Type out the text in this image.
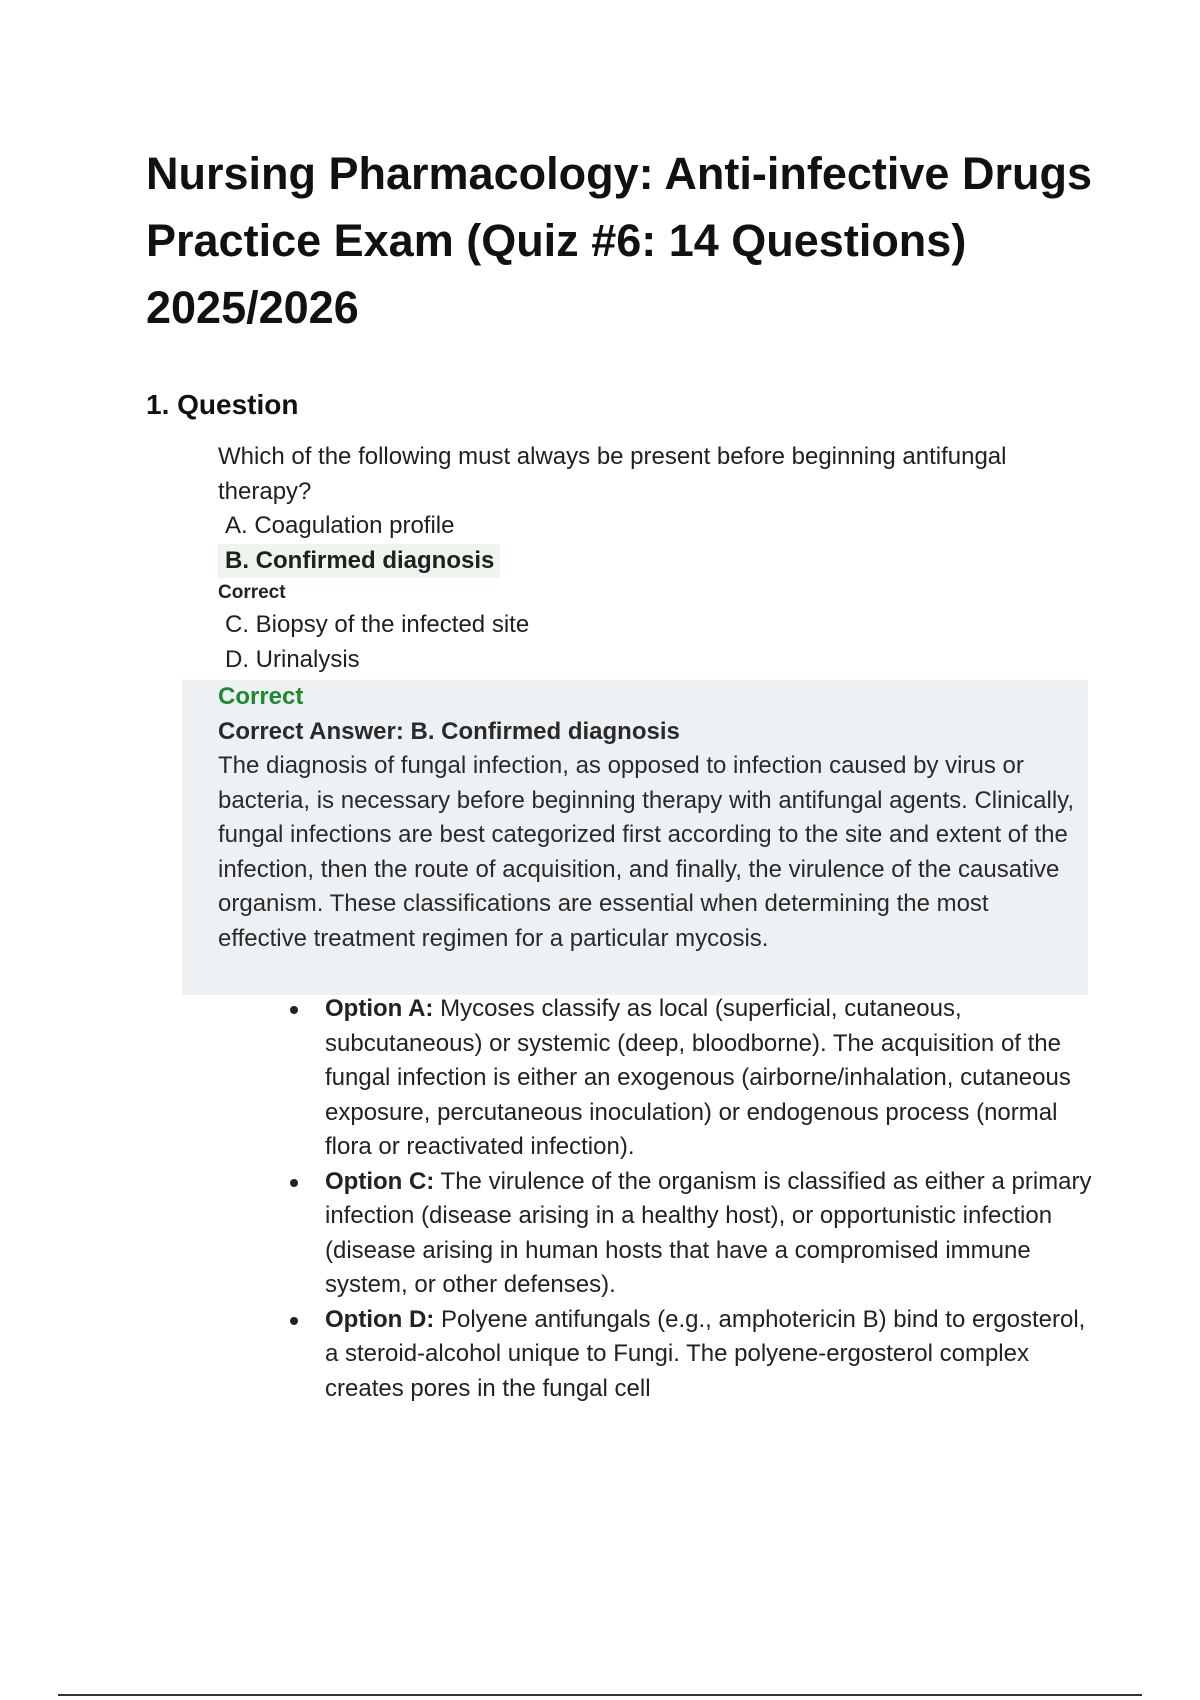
Nursing Pharmacology: Anti-infective Drugs Practice Exam (Quiz #6: 14 Questions) 2025/2026
1. Question

Which of the following must always be present before beginning antifungal therapy?

A. Coagulation profile

B. Confirmed diagnosis

Correct

C. Biopsy of the infected site

D. Urinalysis

Correct

Correct Answer: B. Confirmed diagnosis

The diagnosis of fungal infection, as opposed to infection caused by virus or bacteria, is necessary before beginning therapy with antifungal agents. Clinically, fungal infections are best categorized first according to the site and extent of the infection, then the route of acquisition, and finally, the virulence of the causative organism. These classifications are essential when determining the most effective treatment regimen for a particular mycosis.

Option A: Mycoses classify as local (superficial, cutaneous, subcutaneous) or systemic (deep, bloodborne). The acquisition of the fungal infection is either an exogenous (airborne/inhalation, cutaneous exposure, percutaneous inoculation) or endogenous process (normal flora or reactivated infection).
Option C: The virulence of the organism is classified as either a primary infection (disease arising in a healthy host), or opportunistic infection (disease arising in human hosts that have a compromised immune system, or other defenses).
Option D: Polyene antifungals (e.g., amphotericin B) bind to ergosterol, a steroid-alcohol unique to Fungi. The polyene-ergosterol complex creates pores in the fungal cell
